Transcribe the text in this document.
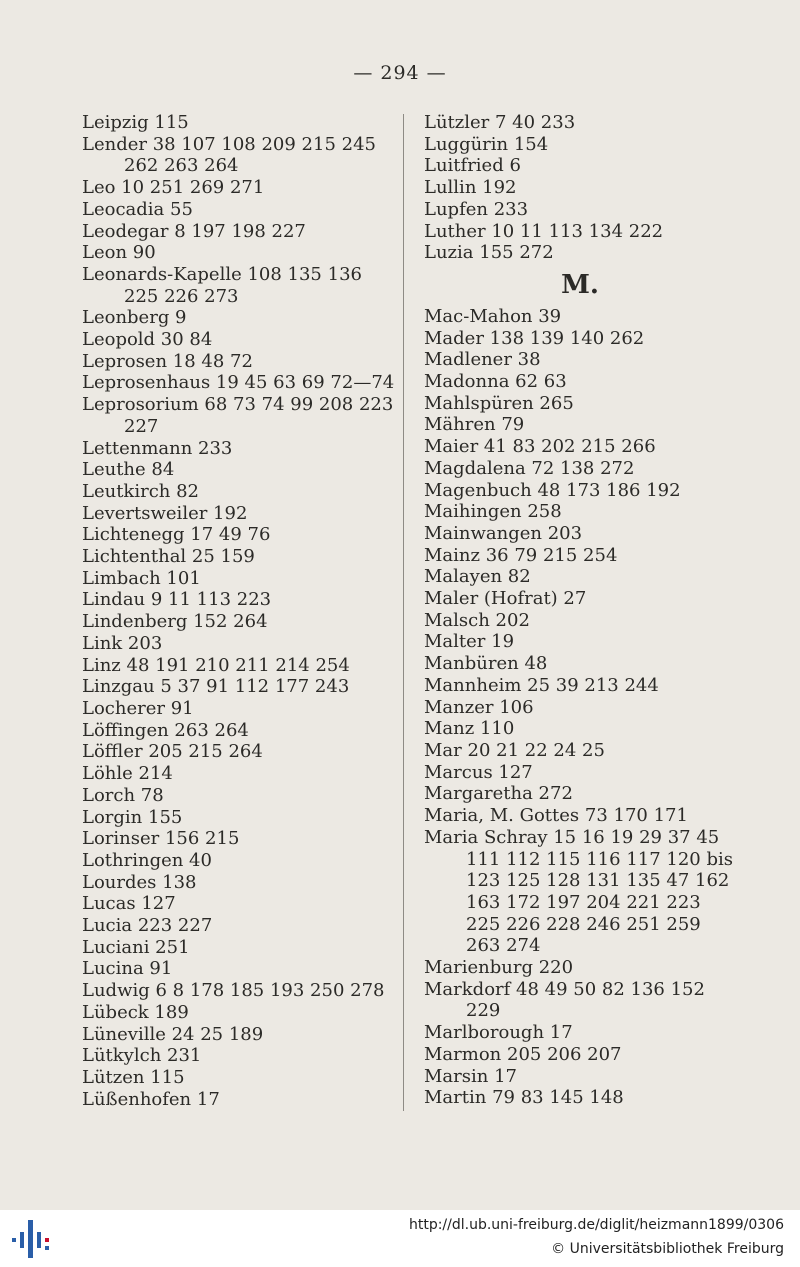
— 294 —
Leipzig 115
Lender 38 107 108 209 215 245 262 263 264
Leo 10 251 269 271
Leocadia 55
Leodegar 8 197 198 227
Leon 90
Leonards-Kapelle 108 135 136 225 226 273
Leonberg 9
Leopold 30 84
Leprosen 18 48 72
Leprosenhaus 19 45 63 69 72—74
Leprosorium 68 73 74 99 208 223 227
Lettenmann 233
Leuthe 84
Leutkirch 82
Levertsweiler 192
Lichtenegg 17 49 76
Lichtenthal 25 159
Limbach 101
Lindau 9 11 113 223
Lindenberg 152 264
Link 203
Linz 48 191 210 211 214 254
Linzgau 5 37 91 112 177 243
Locherer 91
Löffingen 263 264
Löffler 205 215 264
Löhle 214
Lorch 78
Lorgin 155
Lorinser 156 215
Lothringen 40
Lourdes 138
Lucas 127
Lucia 223 227
Luciani 251
Lucina 91
Ludwig 6 8 178 185 193 250 278
Lübeck 189
Lüneville 24 25 189
Lütkylch 231
Lützen 115
Lüßenhofen 17
Lützler 7 40 233
Luggürin 154
Luitfried 6
Lullin 192
Lupfen 233
Luther 10 11 113 134 222
Luzia 155 272
M.
Mac-Mahon 39
Mader 138 139 140 262
Madlener 38
Madonna 62 63
Mahlspüren 265
Mähren 79
Maier 41 83 202 215 266
Magdalena 72 138 272
Magenbuch 48 173 186 192
Maihingen 258
Mainwangen 203
Mainz 36 79 215 254
Malayen 82
Maler (Hofrat) 27
Malsch 202
Malter 19
Manbüren 48
Mannheim 25 39 213 244
Manzer 106
Manz 110
Mar 20 21 22 24 25
Marcus 127
Margaretha 272
Maria, M. Gottes 73 170 171
Maria Schray 15 16 19 29 37 45 111 112 115 116 117 120 bis 123 125 128 131 135 47 162 163 172 197 204 221 223 225 226 228 246 251 259 263 274
Marienburg 220
Markdorf 48 49 50 82 136 152 229
Marlborough 17
Marmon 205 206 207
Marsin 17
Martin 79 83 145 148
http://dl.ub.uni-freiburg.de/diglit/heizmann1899/0306
© Universitätsbibliothek Freiburg
